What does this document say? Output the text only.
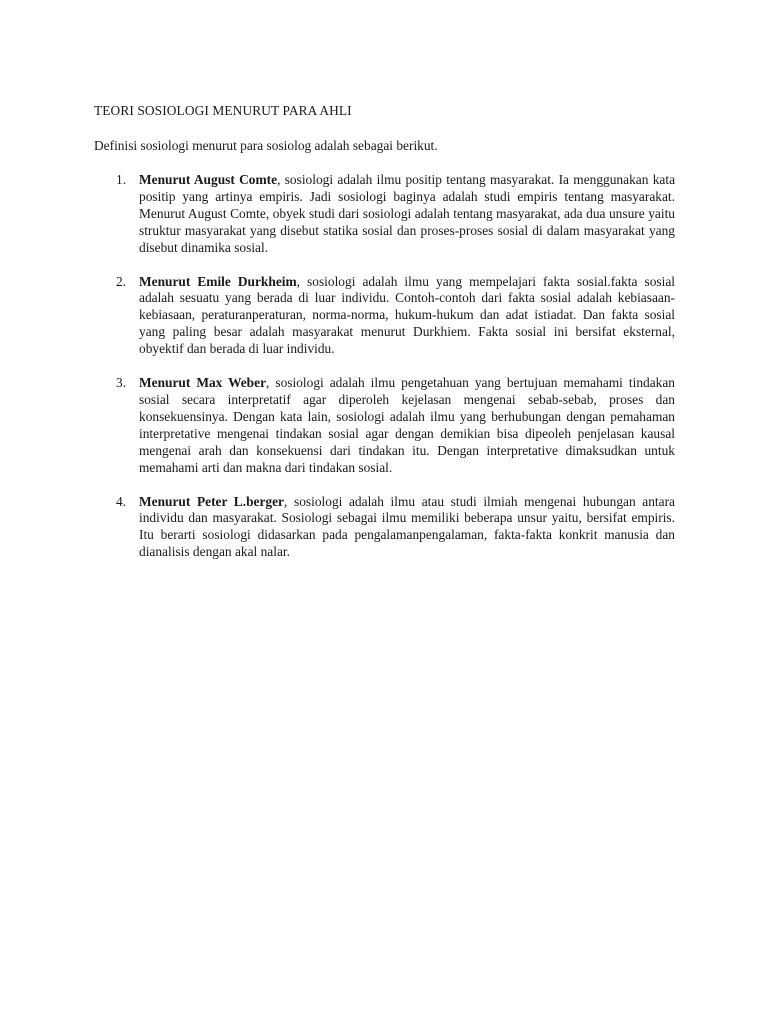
TEORI SOSIOLOGI MENURUT PARA AHLI

Definisi sosiologi menurut para sosiolog adalah sebagai berikut.

1. Menurut August Comte, sosiologi adalah ilmu positip tentang masyarakat. Ia menggunakan kata positip yang artinya empiris. Jadi sosiologi baginya adalah studi empiris tentang masyarakat. Menurut August Comte, obyek studi dari sosiologi adalah tentang masyarakat, ada dua unsure yaitu struktur masyarakat yang disebut statika sosial dan proses-proses sosial di dalam masyarakat yang disebut dinamika sosial.
2. Menurut Emile Durkheim, sosiologi adalah ilmu yang mempelajari fakta sosial.fakta sosial adalah sesuatu yang berada di luar individu. Contoh-contoh dari fakta sosial adalah kebiasaan-kebiasaan, peraturanperaturan, norma-norma, hukum-hukum dan adat istiadat. Dan fakta sosial yang paling besar adalah masyarakat menurut Durkhiem. Fakta sosial ini bersifat eksternal, obyektif dan berada di luar individu.
3. Menurut Max Weber, sosiologi adalah ilmu pengetahuan yang bertujuan memahami tindakan sosial secara interpretatif agar diperoleh kejelasan mengenai sebab-sebab, proses dan konsekuensinya. Dengan kata lain, sosiologi adalah ilmu yang berhubungan dengan pemahaman interpretative mengenai tindakan sosial agar dengan demikian bisa dipeoleh penjelasan kausal mengenai arah dan konsekuensi dari tindakan itu. Dengan interpretative dimaksudkan untuk memahami arti dan makna dari tindakan sosial.
4. Menurut Peter L.berger, sosiologi adalah ilmu atau studi ilmiah mengenai hubungan antara individu dan masyarakat. Sosiologi sebagai ilmu memiliki beberapa unsur yaitu, bersifat empiris. Itu berarti sosiologi didasarkan pada pengalamanpengalaman, fakta-fakta konkrit manusia dan dianalisis dengan akal nalar.
